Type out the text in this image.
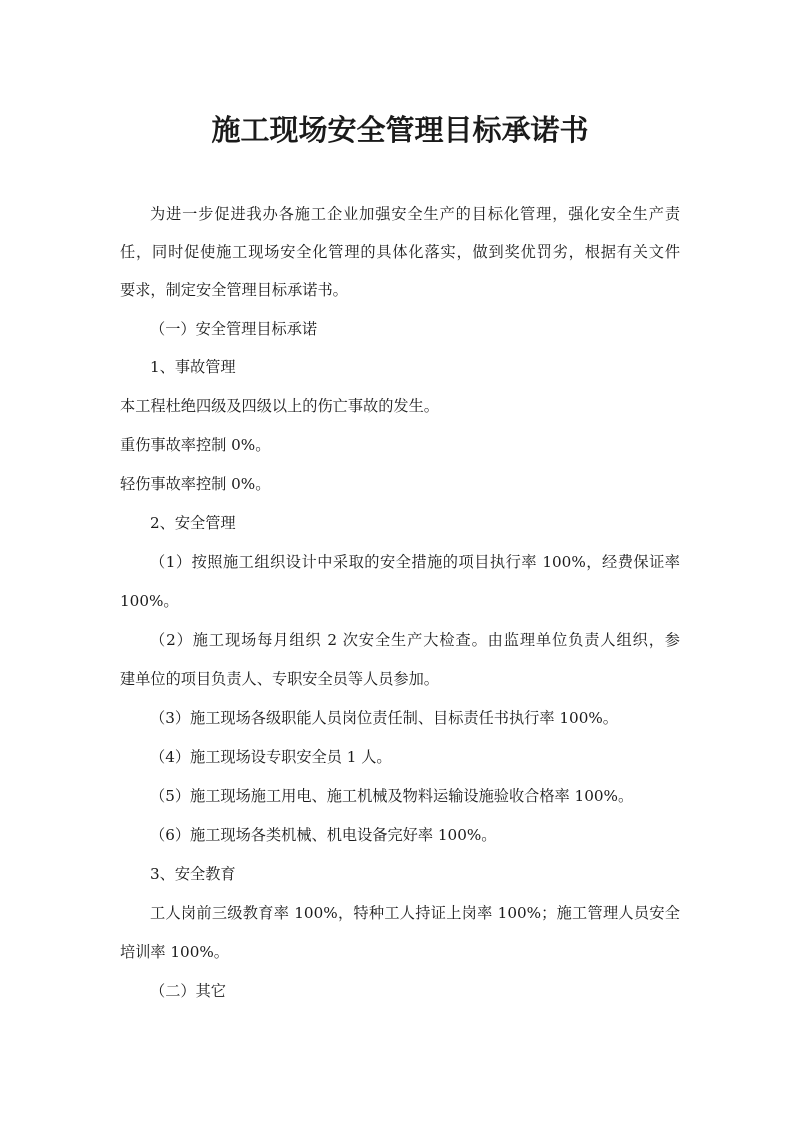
施工现场安全管理目标承诺书
为进一步促进我办各施工企业加强安全生产的目标化管理，强化安全生产责
任，同时促使施工现场安全化管理的具体化落实，做到奖优罚劣，根据有关文件
要求，制定安全管理目标承诺书。
（一）安全管理目标承诺
1、事故管理
本工程杜绝四级及四级以上的伤亡事故的发生。
重伤事故率控制 0%。
轻伤事故率控制 0%。
2、安全管理
（1）按照施工组织设计中采取的安全措施的项目执行率 100%，经费保证率
100%。
（2）施工现场每月组织 2 次安全生产大检查。由监理单位负责人组织，参
建单位的项目负责人、专职安全员等人员参加。
（3）施工现场各级职能人员岗位责任制、目标责任书执行率 100%。
（4）施工现场设专职安全员 1 人。
（5）施工现场施工用电、施工机械及物料运输设施验收合格率 100%。
（6）施工现场各类机械、机电设备完好率 100%。
3、安全教育
工人岗前三级教育率 100%，特种工人持证上岗率 100%；施工管理人员安全
培训率 100%。
（二）其它
